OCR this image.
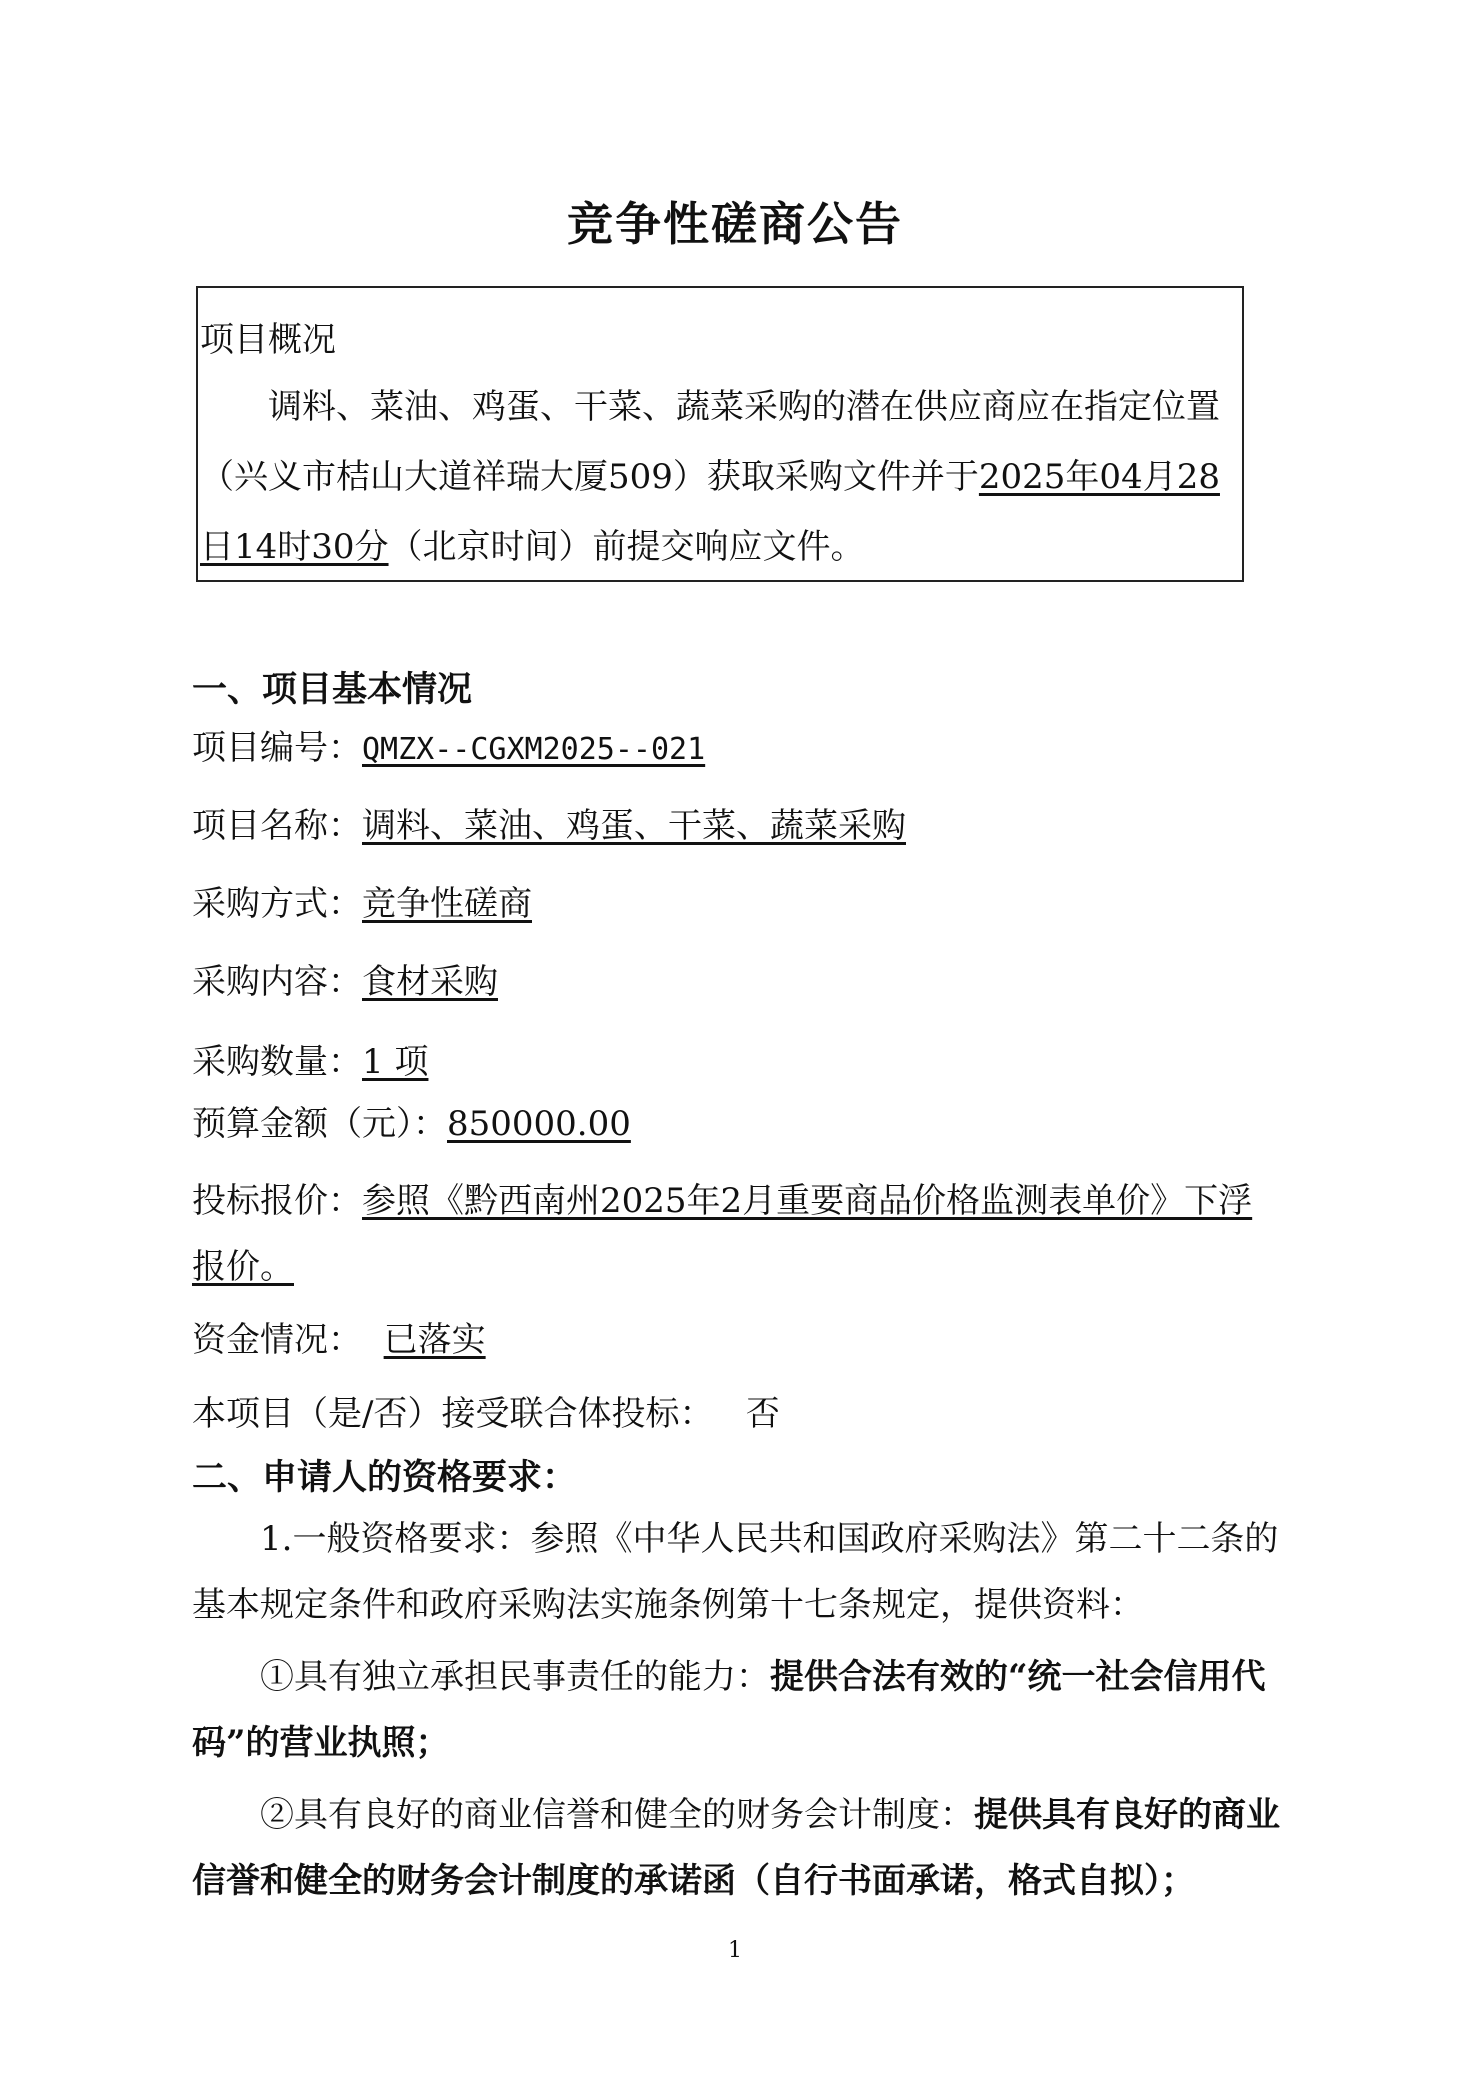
竞争性磋商公告
项目概况
调料、菜油、鸡蛋、干菜、蔬菜采购的潜在供应商应在指定位置（兴义市桔山大道祥瑞大厦509）获取采购文件并于2025年04月28日14时30分（北京时间）前提交响应文件。
一、项目基本情况
项目编号：QMZX--CGXM2025--021
项目名称：调料、菜油、鸡蛋、干菜、蔬菜采购
采购方式：竞争性磋商
采购内容：食材采购
采购数量：1 项
预算金额（元）：850000.00
投标报价：参照《黔西南州2025年2月重要商品价格监测表单价》下浮报价。
资金情况： 已落实
本项目（是/否）接受联合体投标： 否
二、申请人的资格要求：
1.一般资格要求：参照《中华人民共和国政府采购法》第二十二条的基本规定条件和政府采购法实施条例第十七条规定，提供资料：
①具有独立承担民事责任的能力：提供合法有效的“统一社会信用代码”的营业执照；
②具有良好的商业信誉和健全的财务会计制度：提供具有良好的商业信誉和健全的财务会计制度的承诺函（自行书面承诺，格式自拟）；
1
